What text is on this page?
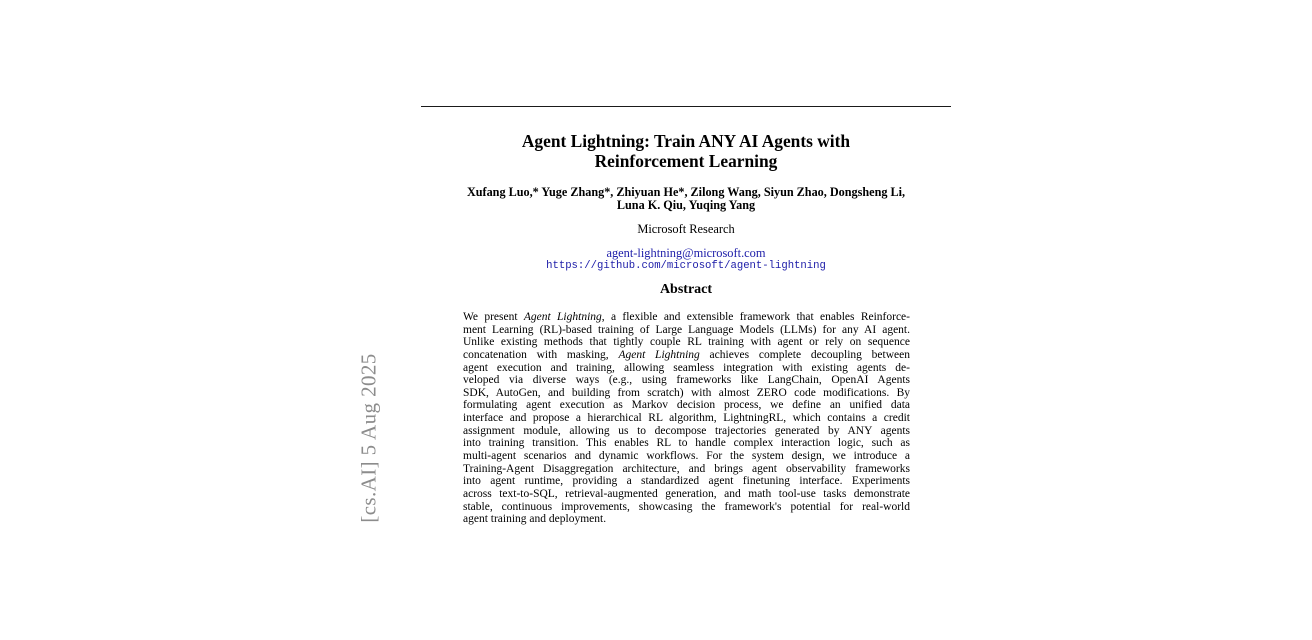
Agent Lightning: Train ANY AI Agents with
Reinforcement Learning
Xufang Luo,* Yuge Zhang*, Zhiyuan He*, Zilong Wang, Siyun Zhao, Dongsheng Li,
Luna K. Qiu, Yuqing Yang
Microsoft Research
agent-lightning@microsoft.com
https://github.com/microsoft/agent-lightning
Abstract
We present Agent Lightning, a flexible and extensible framework that enables Reinforce-
ment Learning (RL)-based training of Large Language Models (LLMs) for any AI agent.
Unlike existing methods that tightly couple RL training with agent or rely on sequence
concatenation with masking, Agent Lightning achieves complete decoupling between
agent execution and training, allowing seamless integration with existing agents de-
veloped via diverse ways (e.g., using frameworks like LangChain, OpenAI Agents
SDK, AutoGen, and building from scratch) with almost ZERO code modifications. By
formulating agent execution as Markov decision process, we define an unified data
interface and propose a hierarchical RL algorithm, LightningRL, which contains a credit
assignment module, allowing us to decompose trajectories generated by ANY agents
into training transition. This enables RL to handle complex interaction logic, such as
multi-agent scenarios and dynamic workflows. For the system design, we introduce a
Training-Agent Disaggregation architecture, and brings agent observability frameworks
into agent runtime, providing a standardized agent finetuning interface. Experiments
across text-to-SQL, retrieval-augmented generation, and math tool-use tasks demonstrate
stable, continuous improvements, showcasing the framework's potential for real-world
agent training and deployment.
[cs.AI] 5 Aug 2025
